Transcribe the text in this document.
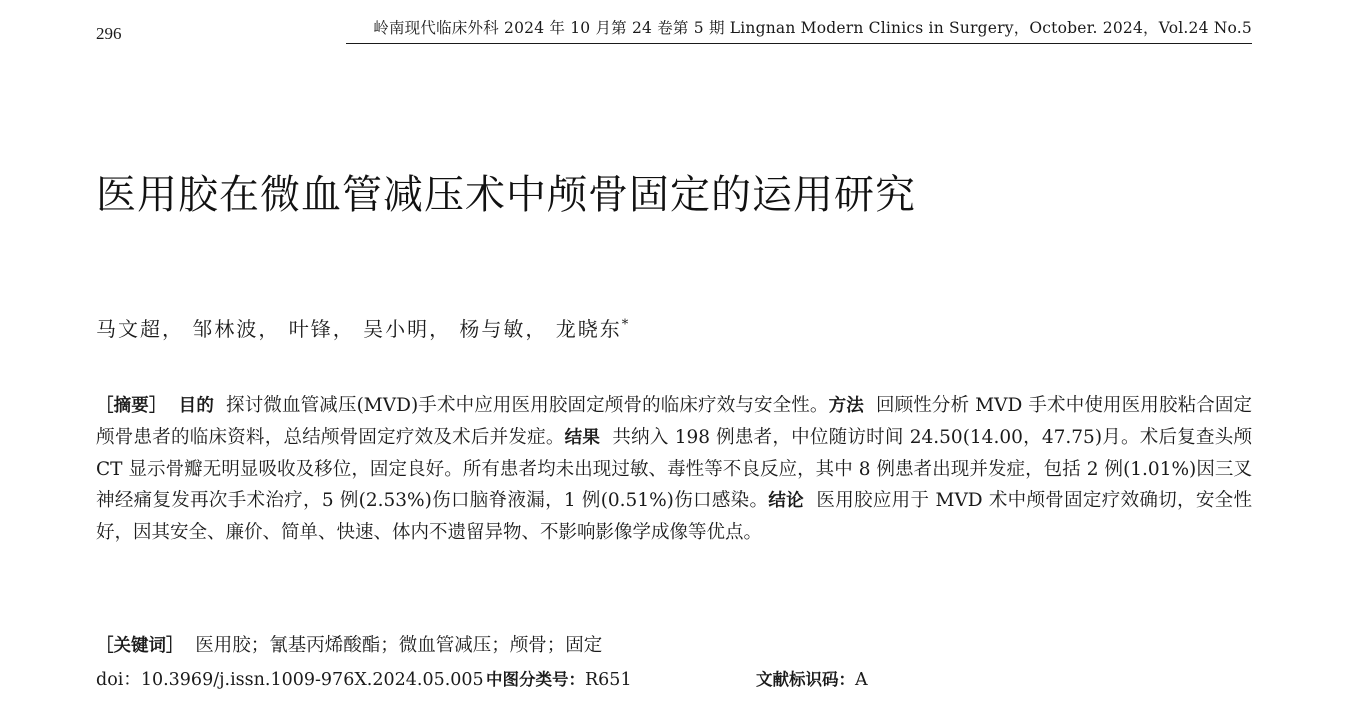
296	岭南现代临床外科 2024 年 10 月第 24 卷第 5 期 Lingnan Modern Clinics in Surgery，October. 2024，Vol.24 No.5
医用胶在微血管减压术中颅骨固定的运用研究
马文超， 邹林波， 叶锋， 吴小明， 杨与敏， 龙晓东*

［摘要］ 目的 探讨微血管减压(MVD)手术中应用医用胶固定颅骨的临床疗效与安全性。方法 回顾性分析 MVD 手术中使用医用胶粘合固定颅骨患者的临床资料，总结颅骨固定疗效及术后并发症。结果 共纳入 198 例患者，中位随访时间 24.50(14.00，47.75)月。术后复查头颅 CT 显示骨瓣无明显吸收及移位，固定良好。所有患者均未出现过敏、毒性等不良反应，其中 8 例患者出现并发症，包括 2 例(1.01%)因三叉神经痛复发再次手术治疗，5 例(2.53%)伤口脑脊液漏，1 例(0.51%)伤口感染。结论 医用胶应用于 MVD 术中颅骨固定疗效确切，安全性好，因其安全、廉价、简单、快速、体内不遗留异物、不影响影像学成像等优点。

［关键词］ 医用胶；氰基丙烯酸酯；微血管减压；颅骨；固定
doi：10.3969/j.issn.1009-976X.2024.05.005 中图分类号：R651	文献标识码：A
